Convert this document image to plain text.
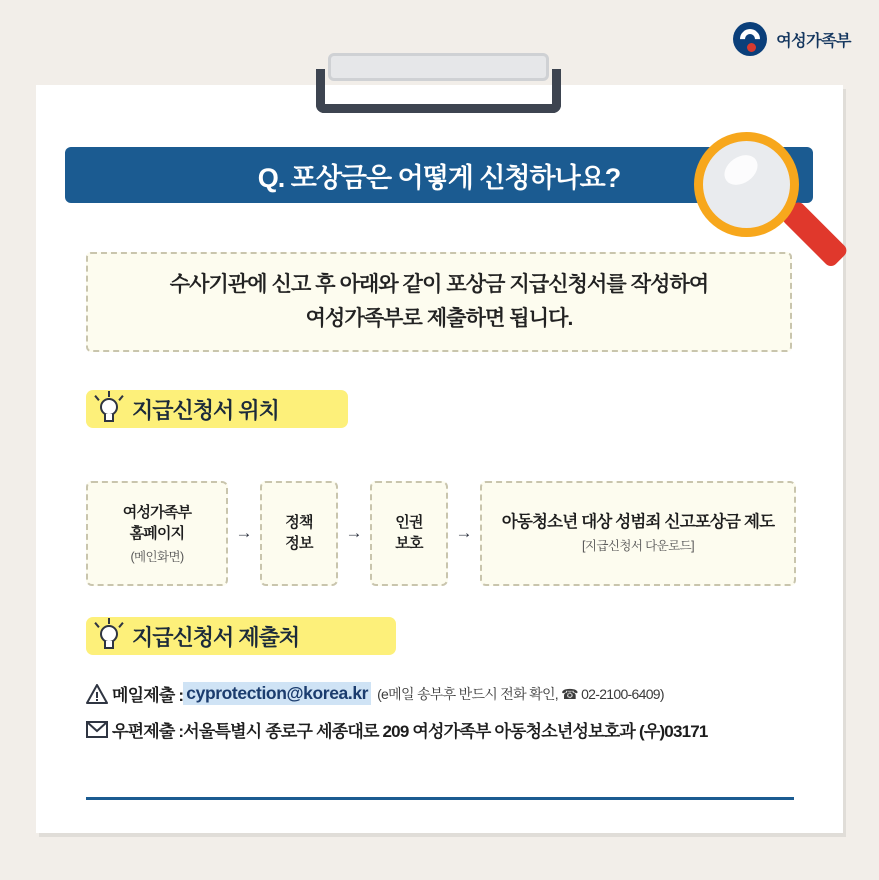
여성가족부
Q. 포상금은 어떻게 신청하나요?
수사기관에 신고 후 아래와 같이 포상금 지급신청서를 작성하여
여성가족부로 제출하면 됩니다.
지급신청서 위치
여성가족부
홈페이지
(메인화면)
→
정책
정보
→
인권
보호
→
아동청소년 대상 성범죄 신고포상금 제도
[지급신청서 다운로드]
지급신청서 제출처
메일제출 : cyprotection@korea.kr (e메일 송부후 반드시 전화 확인, ☎ 02-2100-6409)
우편제출 : 서울특별시 종로구 세종대로 209 여성가족부 아동청소년성보호과 (우)03171
